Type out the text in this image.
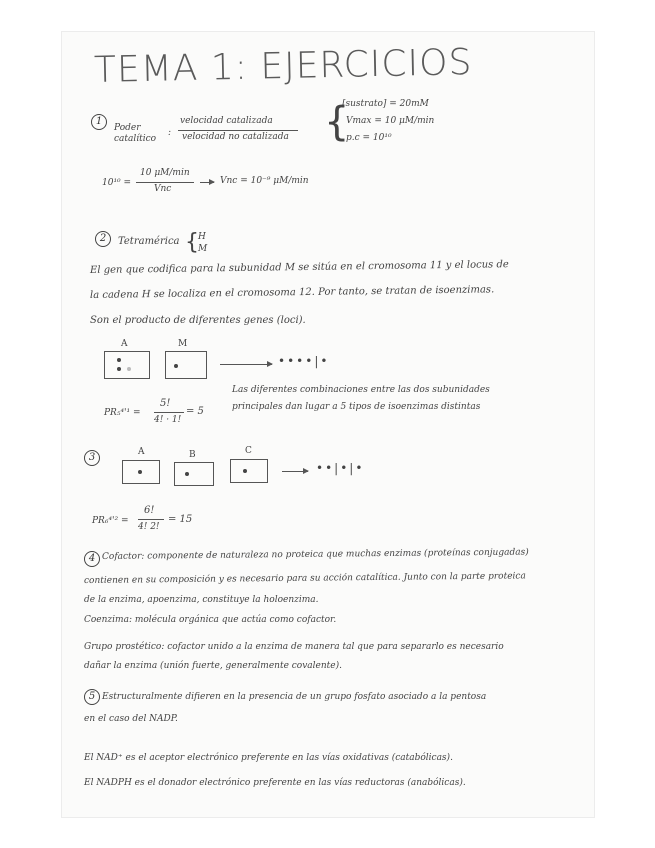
TEMA 1: EJERCICIOS
1
Poder catalítico
:
velocidad catalizada
velocidad no catalizada {
[sustrato] = 20mM
Vmax = 10 μM/min
p.c = 10¹⁰
10¹⁰ =
10 μM/min
Vnc
Vnc = 10⁻⁹ μM/min
2	Tetramérica { H
M
El gen que codifica para la subunidad M se sitúa en el cromosoma 11 y el locus de
la cadena H se localiza en el cromosoma 12. Por tanto, se tratan de isoenzimas.
Son el producto de diferentes genes (loci).
A	M
••••|•
PR₅⁴'¹ =
5!
4! · 1!
= 5
Las diferentes combinaciones entre las dos subunidades
principales dan lugar a 5 tipos de isoenzimas distintas
3	A	B	C
••|•|•
PR₆⁴'² =
6!
4! 2!
= 15
4 Cofactor: componente de naturaleza no proteica que muchas enzimas (proteínas conjugadas)
contienen en su composición y es necesario para su acción catalítica. Junto con la parte proteica
de la enzima, apoenzima, constituye la holoenzima.
Coenzima: molécula orgánica que actúa como cofactor.
Grupo prostético: cofactor unido a la enzima de manera tal que para separarlo es necesario
dañar la enzima (unión fuerte, generalmente covalente).
5 Estructuralmente difieren en la presencia de un grupo fosfato asociado a la pentosa
en el caso del NADP.
El NAD⁺ es el aceptor electrónico preferente en las vías oxidativas (catabólicas).
El NADPH es el donador electrónico preferente en las vías reductoras (anabólicas).
